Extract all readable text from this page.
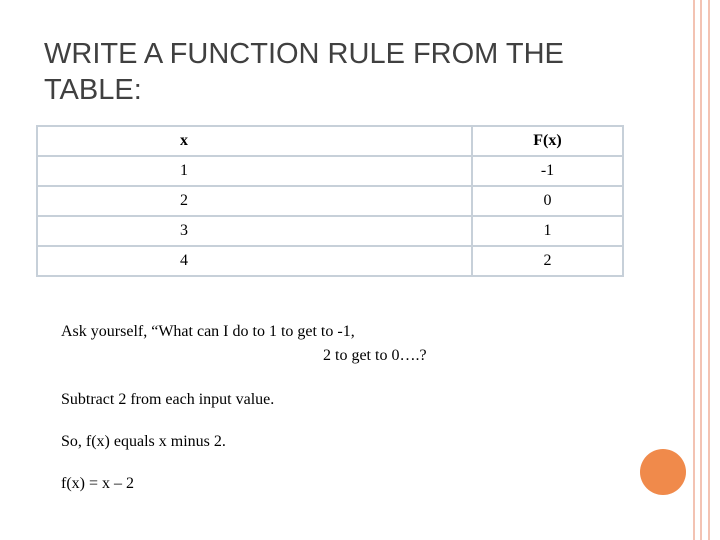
WRITE A FUNCTION RULE FROM THE
TABLE:
x	F(x)
1	-1
2	0
3	1
4	2

Ask yourself, “What can I do to 1 to get to -1,

2 to get to 0….?

Subtract 2 from each input value.

So, f(x) equals x minus 2.

f(x) = x – 2
